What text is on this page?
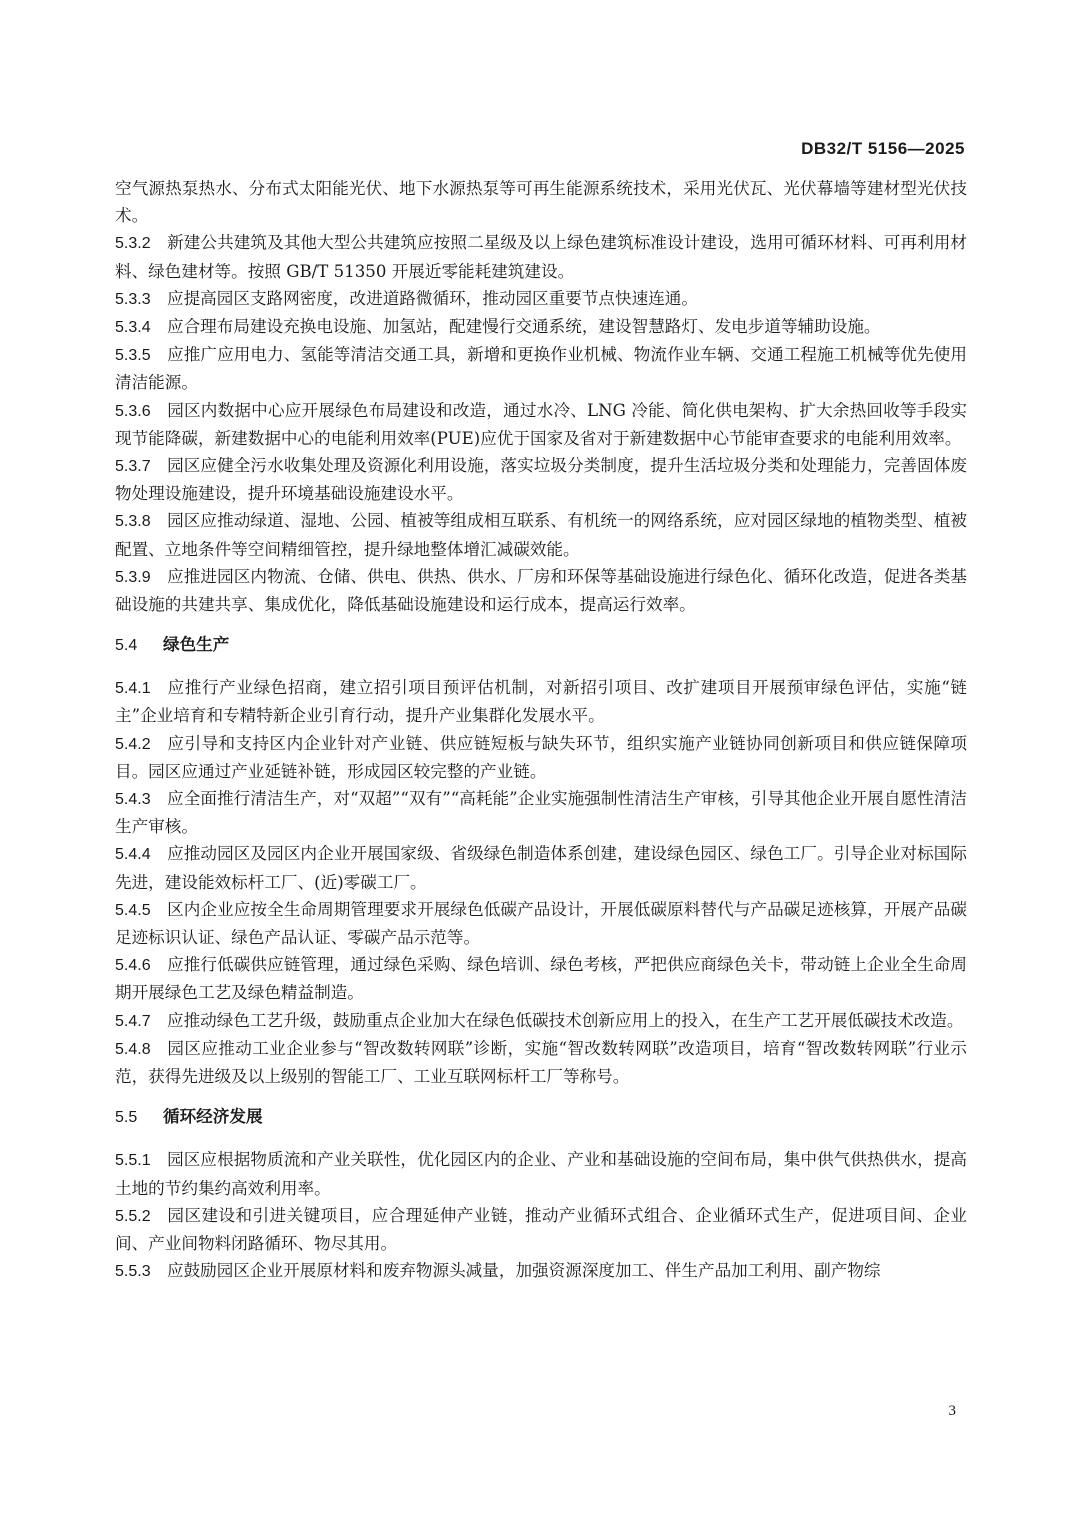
DB32/T 5156—2025

空气源热泵热水、分布式太阳能光伏、地下水源热泵等可再生能源系统技术，采用光伏瓦、光伏幕墙等建材型光伏技术。

5.3.2 新建公共建筑及其他大型公共建筑应按照二星级及以上绿色建筑标准设计建设，选用可循环材料、可再利用材料、绿色建材等。按照 GB/T 51350 开展近零能耗建筑建设。

5.3.3 应提高园区支路网密度，改进道路微循环，推动园区重要节点快速连通。

5.3.4 应合理布局建设充换电设施、加氢站，配建慢行交通系统，建设智慧路灯、发电步道等辅助设施。

5.3.5 应推广应用电力、氢能等清洁交通工具，新增和更换作业机械、物流作业车辆、交通工程施工机械等优先使用清洁能源。

5.3.6 园区内数据中心应开展绿色布局建设和改造，通过水冷、LNG 冷能、简化供电架构、扩大余热回收等手段实现节能降碳，新建数据中心的电能利用效率(PUE)应优于国家及省对于新建数据中心节能审查要求的电能利用效率。

5.3.7 园区应健全污水收集处理及资源化利用设施，落实垃圾分类制度，提升生活垃圾分类和处理能力，完善固体废物处理设施建设，提升环境基础设施建设水平。

5.3.8 园区应推动绿道、湿地、公园、植被等组成相互联系、有机统一的网络系统，应对园区绿地的植物类型、植被配置、立地条件等空间精细管控，提升绿地整体增汇减碳效能。

5.3.9 应推进园区内物流、仓储、供电、供热、供水、厂房和环保等基础设施进行绿色化、循环化改造，促进各类基础设施的共建共享、集成优化，降低基础设施建设和运行成本，提高运行效率。

5.4 绿色生产

5.4.1 应推行产业绿色招商，建立招引项目预评估机制，对新招引项目、改扩建项目开展预审绿色评估，实施“链主”企业培育和专精特新企业引育行动，提升产业集群化发展水平。

5.4.2 应引导和支持区内企业针对产业链、供应链短板与缺失环节，组织实施产业链协同创新项目和供应链保障项目。园区应通过产业延链补链，形成园区较完整的产业链。

5.4.3 应全面推行清洁生产，对“双超”“双有”“高耗能”企业实施强制性清洁生产审核，引导其他企业开展自愿性清洁生产审核。

5.4.4 应推动园区及园区内企业开展国家级、省级绿色制造体系创建，建设绿色园区、绿色工厂。引导企业对标国际先进，建设能效标杆工厂、(近)零碳工厂。

5.4.5 区内企业应按全生命周期管理要求开展绿色低碳产品设计，开展低碳原料替代与产品碳足迹核算，开展产品碳足迹标识认证、绿色产品认证、零碳产品示范等。

5.4.6 应推行低碳供应链管理，通过绿色采购、绿色培训、绿色考核，严把供应商绿色关卡，带动链上企业全生命周期开展绿色工艺及绿色精益制造。

5.4.7 应推动绿色工艺升级，鼓励重点企业加大在绿色低碳技术创新应用上的投入，在生产工艺开展低碳技术改造。

5.4.8 园区应推动工业企业参与“智改数转网联”诊断，实施“智改数转网联”改造项目，培育“智改数转网联”行业示范，获得先进级及以上级别的智能工厂、工业互联网标杆工厂等称号。

5.5 循环经济发展

5.5.1 园区应根据物质流和产业关联性，优化园区内的企业、产业和基础设施的空间布局，集中供气供热供水，提高土地的节约集约高效利用率。

5.5.2 园区建设和引进关键项目，应合理延伸产业链，推动产业循环式组合、企业循环式生产，促进项目间、企业间、产业间物料闭路循环、物尽其用。

5.5.3 应鼓励园区企业开展原材料和废弃物源头减量，加强资源深度加工、伴生产品加工利用、副产物综

3
